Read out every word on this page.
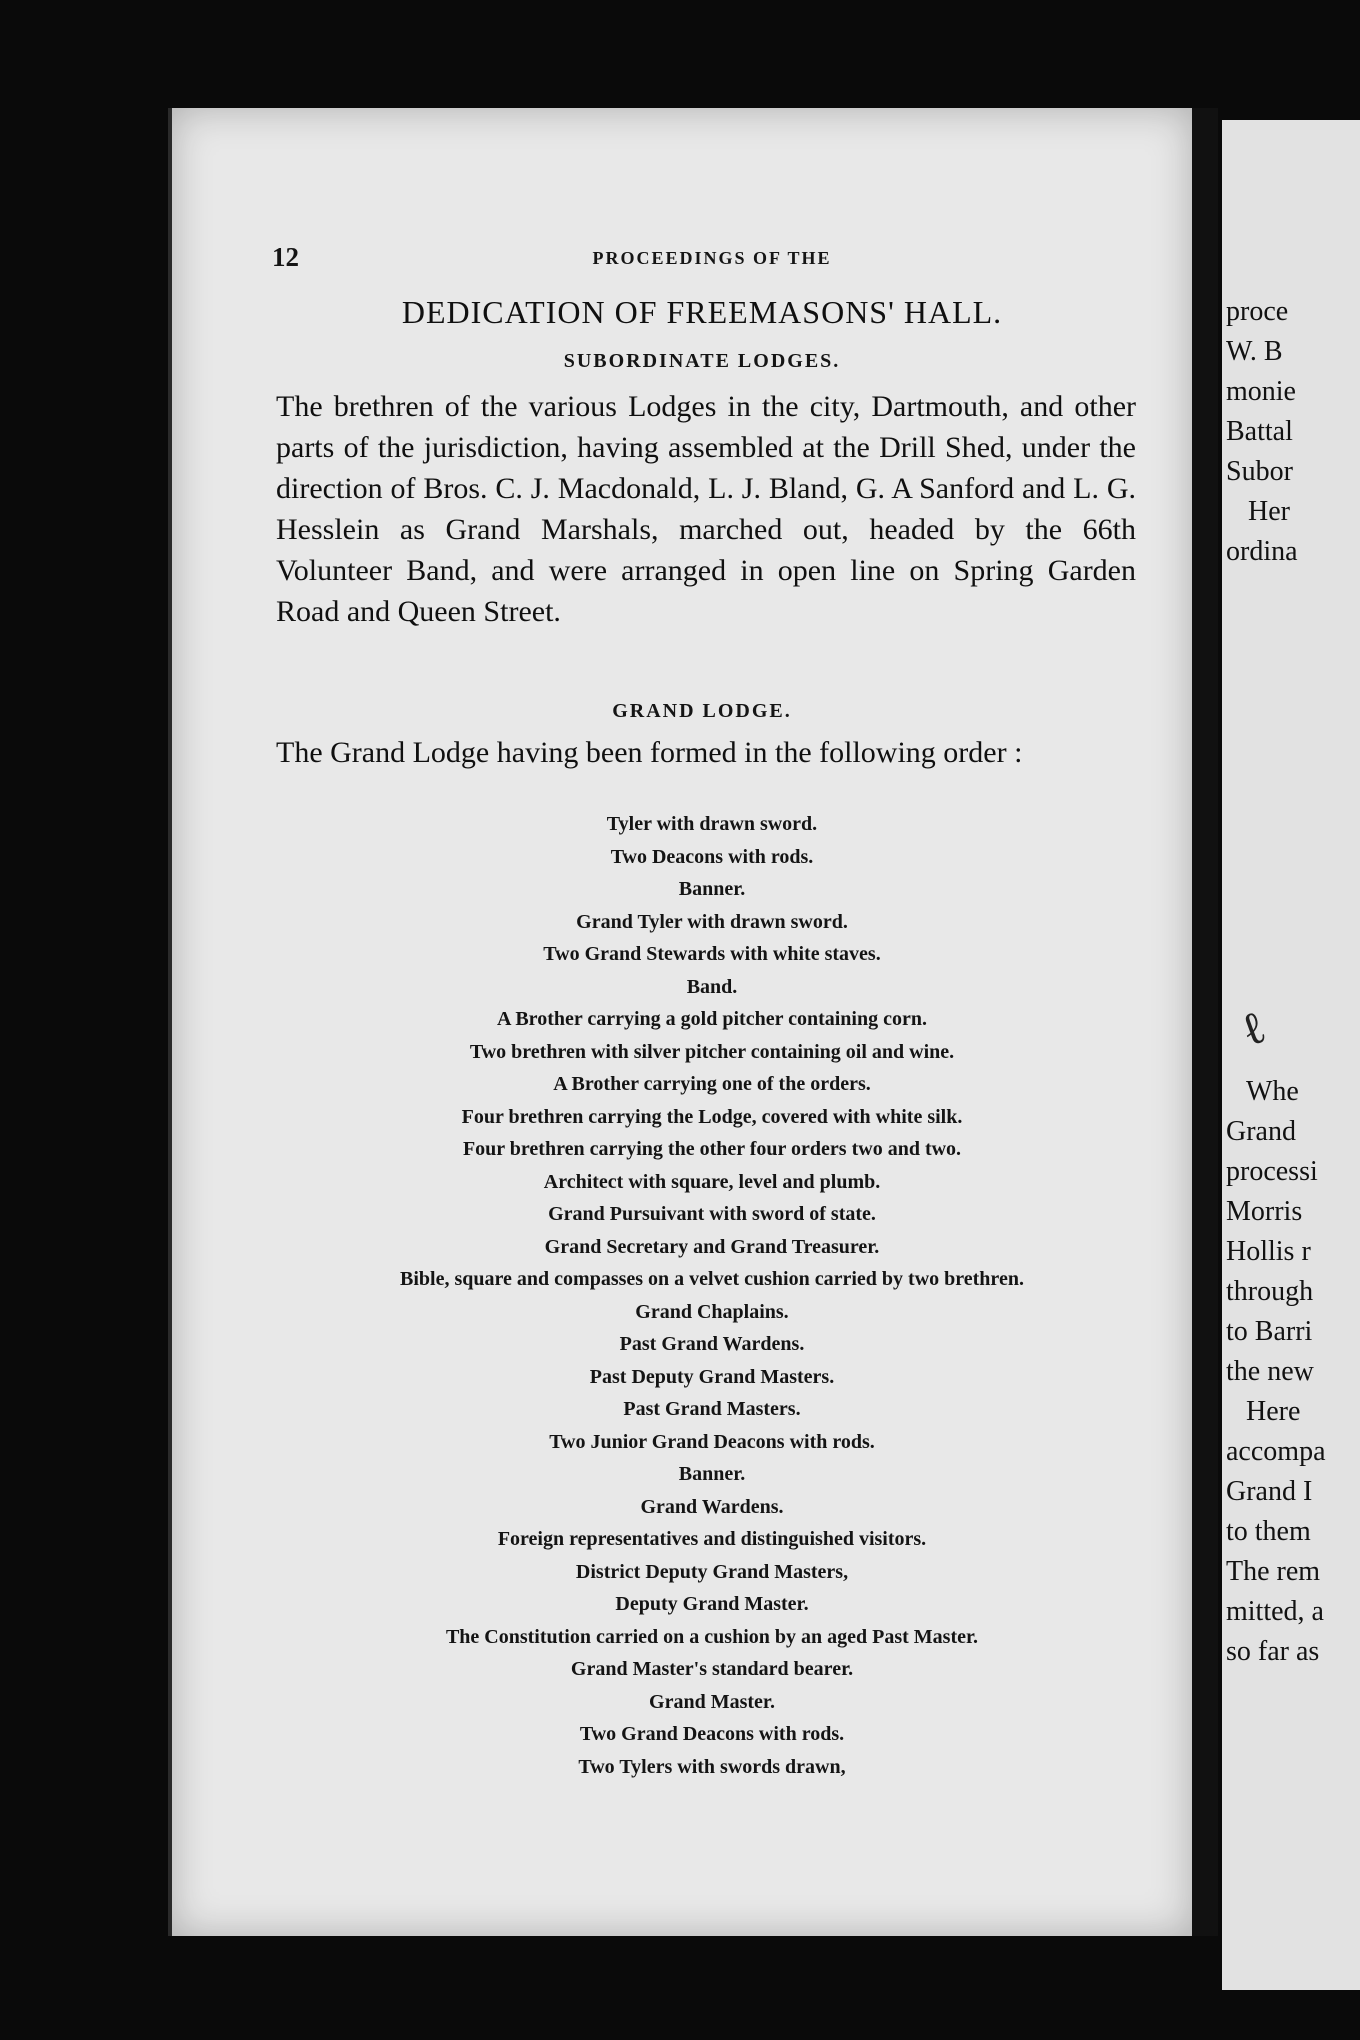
12	PROCEEDINGS OF THE
DEDICATION OF FREEMASONS' HALL.
SUBORDINATE LODGES.

The brethren of the various Lodges in the city, Dartmouth, and other parts of the jurisdiction, having assembled at the Drill Shed, under the direction of Bros. C. J. Macdonald, L. J. Bland, G. A Sanford and L. G. Hesslein as Grand Marshals, marched out, headed by the 66th Volunteer Band, and were arranged in open line on Spring Garden Road and Queen Street.

GRAND LODGE.

The Grand Lodge having been formed in the following order :

Tyler with drawn sword.
Two Deacons with rods.
Banner.
Grand Tyler with drawn sword.
Two Grand Stewards with white staves.
Band.
A Brother carrying a gold pitcher containing corn.
Two brethren with silver pitcher containing oil and wine.
A Brother carrying one of the orders.
Four brethren carrying the Lodge, covered with white silk.
Four brethren carrying the other four orders two and two.
Architect with square, level and plumb.
Grand Pursuivant with sword of state.
Grand Secretary and Grand Treasurer.
Bible, square and compasses on a velvet cushion carried by two brethren.
Grand Chaplains.
Past Grand Wardens.
Past Deputy Grand Masters.
Past Grand Masters.
Two Junior Grand Deacons with rods.
Banner.
Grand Wardens.
Foreign representatives and distinguished visitors.
District Deputy Grand Masters,
Deputy Grand Master.
The Constitution carried on a cushion by an aged Past Master.
Grand Master's standard bearer.
Grand Master.
Two Grand Deacons with rods.
Two Tylers with swords drawn,
proce
W. B
monie
Battal
Subor
Her
ordina
ℓ
Whe
Grand
processi
Morris
Hollis r
through
to Barri
the new
Here
accompa
Grand I
to them
The rem
mitted, a
so far as
